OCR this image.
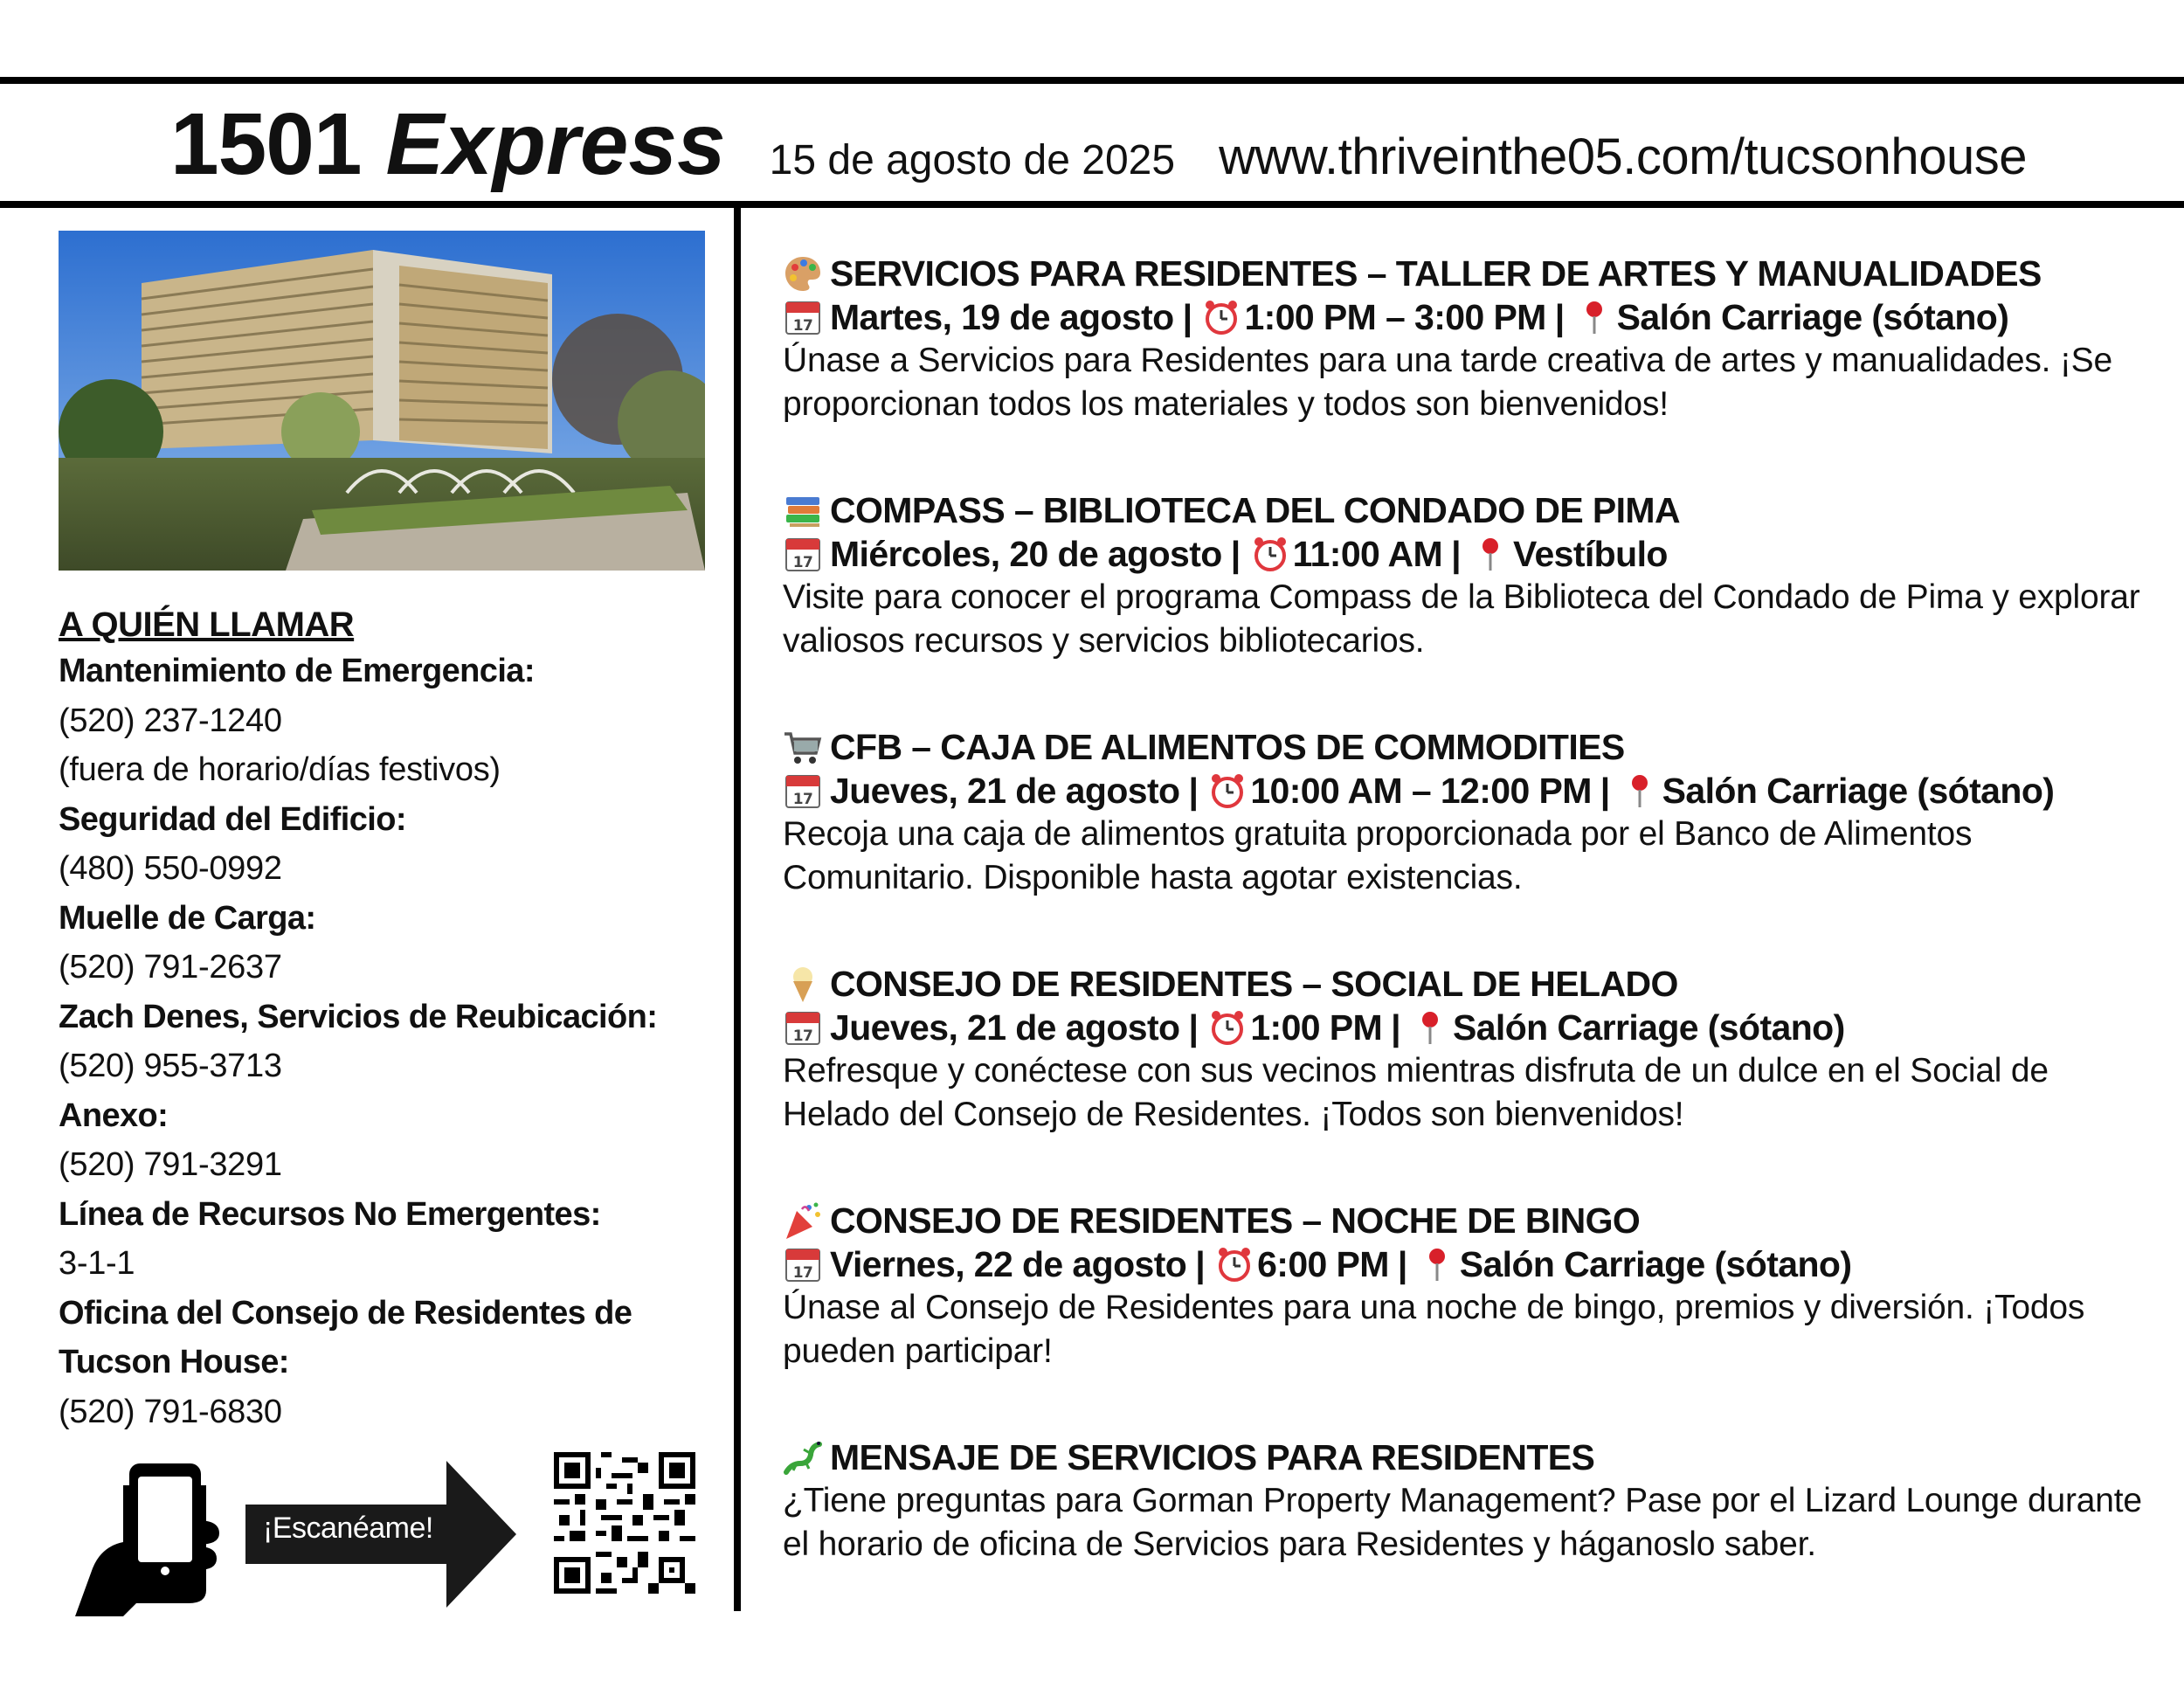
1501 Express 15 de agosto de 2025 www.thriveinthe05.com/tucsonhouse
A QUIÉN LLAMAR
Mantenimiento de Emergencia:
(520) 237-1240
(fuera de horario/días festivos)
Seguridad del Edificio:
(480) 550-0992
Muelle de Carga:
(520) 791-2637
Zach Denes, Servicios de Reubicación:
(520) 955-3713
Anexo:
(520) 791-3291
Línea de Recursos No Emergentes:
3-1-1
Oficina del Consejo de Residentes de
Tucson House:
(520) 791-6830
¡Escanéame!
SERVICIOS PARA RESIDENTES – TALLER DE ARTES Y MANUALIDADES
17 Martes, 19 de agosto | 1:00 PM – 3:00 PM | Salón Carriage (sótano)
Únase a Servicios para Residentes para una tarde creativa de artes y manualidades. ¡Se proporcionan todos los materiales y todos son bienvenidos!
COMPASS – BIBLIOTECA DEL CONDADO DE PIMA
17 Miércoles, 20 de agosto | 11:00 AM | Vestíbulo
Visite para conocer el programa Compass de la Biblioteca del Condado de Pima y explorar valiosos recursos y servicios bibliotecarios.
CFB – CAJA DE ALIMENTOS DE COMMODITIES
17 Jueves, 21 de agosto | 10:00 AM – 12:00 PM | Salón Carriage (sótano)
Recoja una caja de alimentos gratuita proporcionada por el Banco de Alimentos Comunitario. Disponible hasta agotar existencias.
CONSEJO DE RESIDENTES – SOCIAL DE HELADO
17 Jueves, 21 de agosto | 1:00 PM | Salón Carriage (sótano)
Refresque y conéctese con sus vecinos mientras disfruta de un dulce en el Social de Helado del Consejo de Residentes. ¡Todos son bienvenidos!
CONSEJO DE RESIDENTES – NOCHE DE BINGO
17 Viernes, 22 de agosto | 6:00 PM | Salón Carriage (sótano)
Únase al Consejo de Residentes para una noche de bingo, premios y diversión. ¡Todos pueden participar!
MENSAJE DE SERVICIOS PARA RESIDENTES
¿Tiene preguntas para Gorman Property Management? Pase por el Lizard Lounge durante el horario de oficina de Servicios para Residentes y háganoslo saber.
